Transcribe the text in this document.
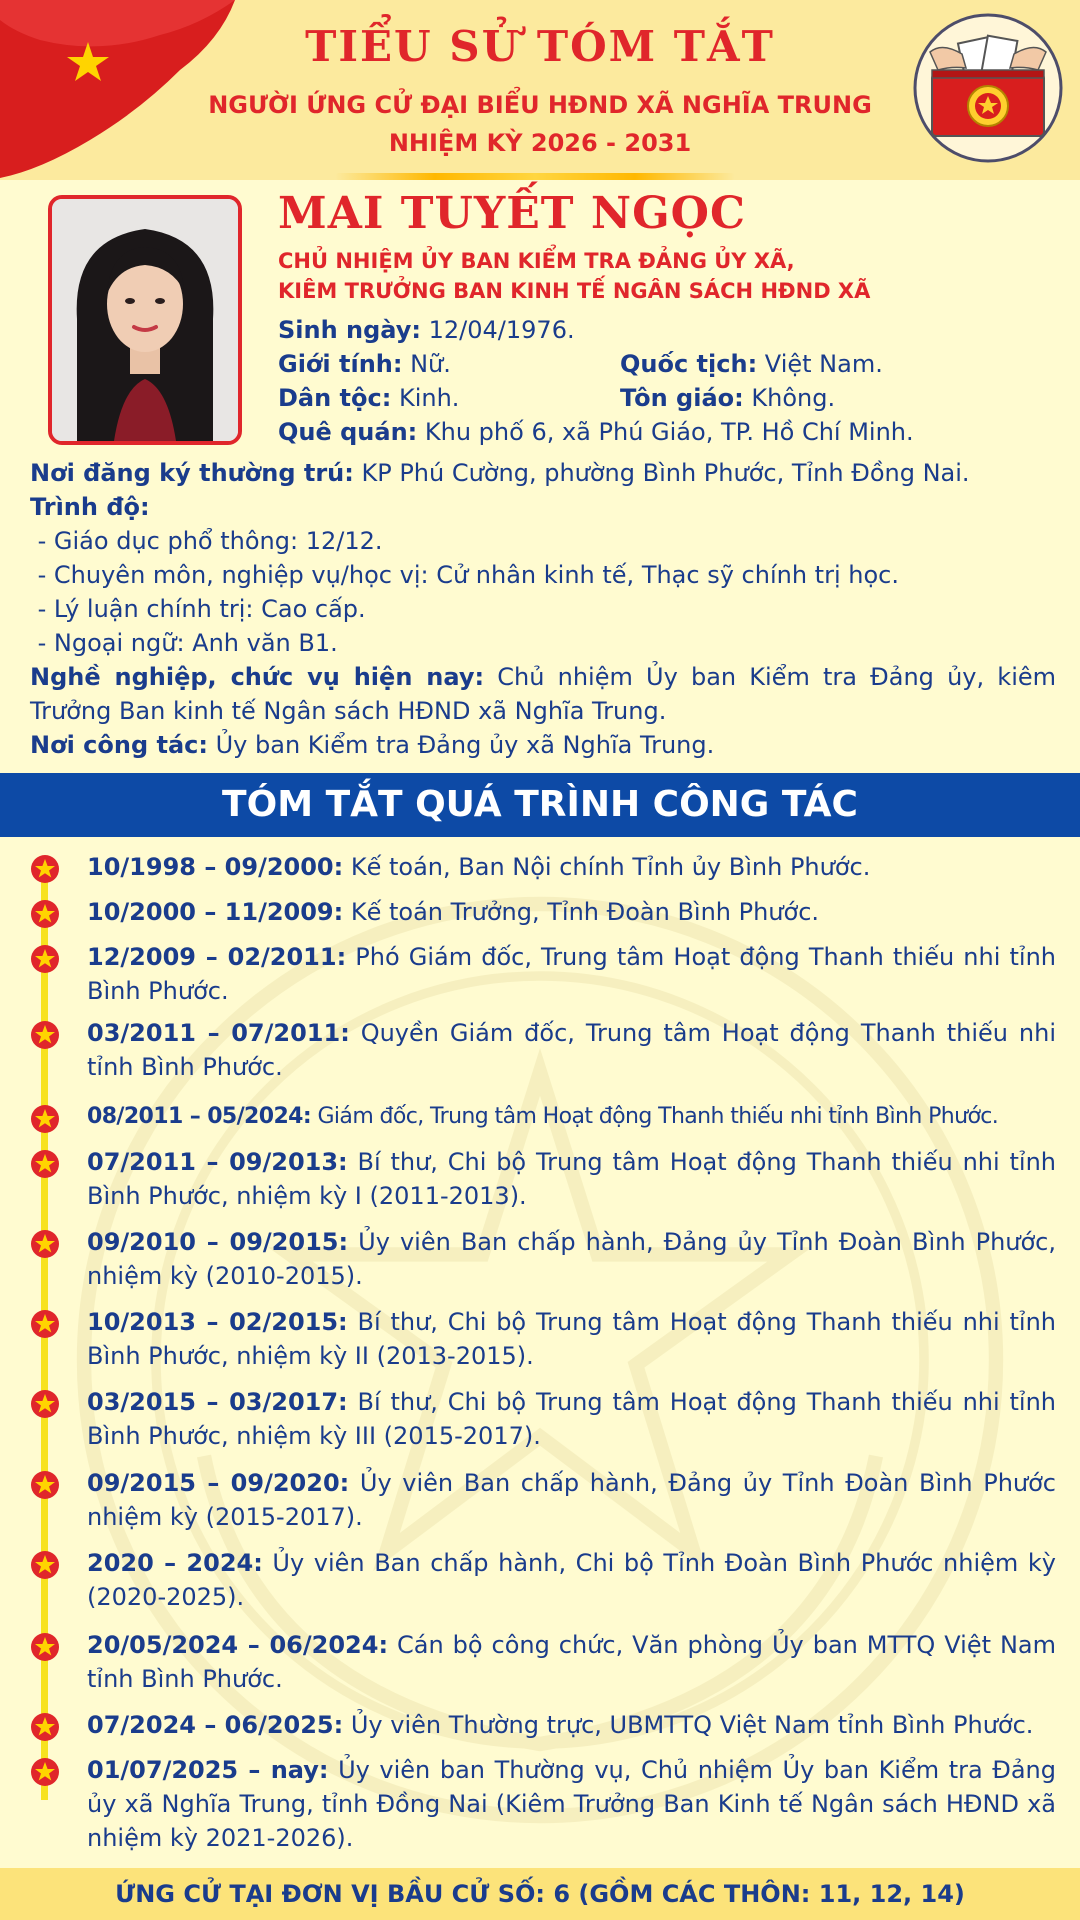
TIỂU SỬ TÓM TẮT
NGƯỜI ỨNG CỬ ĐẠI BIỂU HĐND XÃ NGHĨA TRUNG
NHIỆM KỲ 2026 - 2031
MAI TUYẾT NGỌC
CHỦ NHIỆM ỦY BAN KIỂM TRA ĐẢNG ỦY XÃ,
KIÊM TRƯỞNG BAN KINH TẾ NGÂN SÁCH HĐND XÃ
Sinh ngày: 12/04/1976.
Giới tính: Nữ.	Quốc tịch: Việt Nam.
Dân tộc: Kinh.	Tôn giáo: Không.
Quê quán: Khu phố 6, xã Phú Giáo, TP. Hồ Chí Minh.
Nơi đăng ký thường trú: KP Phú Cường, phường Bình Phước, Tỉnh Đồng Nai.
Trình độ:
- Giáo dục phổ thông: 12/12.
- Chuyên môn, nghiệp vụ/học vị: Cử nhân kinh tế, Thạc sỹ chính trị học.
- Lý luận chính trị: Cao cấp.
- Ngoại ngữ: Anh văn B1.
Nghề nghiệp, chức vụ hiện nay: Chủ nhiệm Ủy ban Kiểm tra Đảng ủy, kiêm Trưởng Ban kinh tế Ngân sách HĐND xã Nghĩa Trung.
Nơi công tác: Ủy ban Kiểm tra Đảng ủy xã Nghĩa Trung.
TÓM TẮT QUÁ TRÌNH CÔNG TÁC
10/1998 – 09/2000: Kế toán, Ban Nội chính Tỉnh ủy Bình Phước.
10/2000 – 11/2009: Kế toán Trưởng, Tỉnh Đoàn Bình Phước.
12/2009 – 02/2011: Phó Giám đốc, Trung tâm Hoạt động Thanh thiếu nhi tỉnh Bình Phước.
03/2011 – 07/2011: Quyền Giám đốc, Trung tâm Hoạt động Thanh thiếu nhi tỉnh Bình Phước.
08/2011 – 05/2024: Giám đốc, Trung tâm Hoạt động Thanh thiếu nhi tỉnh Bình Phước.
07/2011 – 09/2013: Bí thư, Chi bộ Trung tâm Hoạt động Thanh thiếu nhi tỉnh Bình Phước, nhiệm kỳ I (2011-2013).
09/2010 – 09/2015: Ủy viên Ban chấp hành, Đảng ủy Tỉnh Đoàn Bình Phước, nhiệm kỳ (2010-2015).
10/2013 – 02/2015: Bí thư, Chi bộ Trung tâm Hoạt động Thanh thiếu nhi tỉnh Bình Phước, nhiệm kỳ II (2013-2015).
03/2015 – 03/2017: Bí thư, Chi bộ Trung tâm Hoạt động Thanh thiếu nhi tỉnh Bình Phước, nhiệm kỳ III (2015-2017).
09/2015 – 09/2020: Ủy viên Ban chấp hành, Đảng ủy Tỉnh Đoàn Bình Phước nhiệm kỳ (2015-2017).
2020 – 2024: Ủy viên Ban chấp hành, Chi bộ Tỉnh Đoàn Bình Phước nhiệm kỳ (2020-2025).
20/05/2024 – 06/2024: Cán bộ công chức, Văn phòng Ủy ban MTTQ Việt Nam tỉnh Bình Phước.
07/2024 – 06/2025: Ủy viên Thường trực, UBMTTQ Việt Nam tỉnh Bình Phước.
01/07/2025 – nay: Ủy viên ban Thường vụ, Chủ nhiệm Ủy ban Kiểm tra Đảng ủy xã Nghĩa Trung, tỉnh Đồng Nai (Kiêm Trưởng Ban Kinh tế Ngân sách HĐND xã nhiệm kỳ 2021-2026).
ỨNG CỬ TẠI ĐƠN VỊ BẦU CỬ SỐ: 6 (GỒM CÁC THÔN: 11, 12, 14)
